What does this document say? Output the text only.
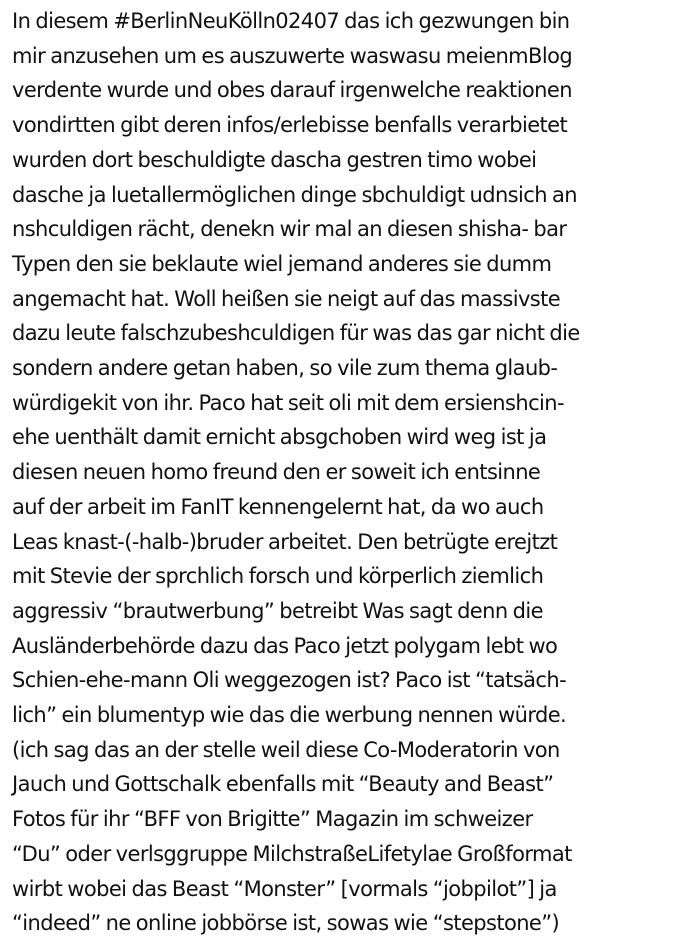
In diesem #BerlinNeuKölln02407 das ich gezwungen bin
mir anzusehen um es auszuwerte waswasu meienmBlog
verdente wurde und obes darauf irgenwelche reaktionen
vondirtten gibt deren infos/erlebisse benfalls verarbietet
wurden dort beschuldigte dascha gestren timo wobei
dasche ja luetallermöglichen dinge sbchuldigt udnsich an
nshculdigen rächt, denekn wir mal an diesen shisha- bar
Typen den sie beklaute wiel jemand anderes sie dumm
angemacht hat. Woll heißen sie neigt auf das massivste
dazu leute falschzubeshculdigen für was das gar nicht die
sondern andere getan haben, so vile zum thema glaub-
würdigekit von ihr. Paco hat seit oli mit dem ersienshcin-
ehe uenthält damit ernicht absgchoben wird weg ist ja
diesen neuen homo freund den er soweit ich entsinne
auf der arbeit im FanIT kennengelernt hat, da wo auch
Leas knast-(-halb-)bruder arbeitet. Den betrügte erejtzt
mit Stevie der sprchlich forsch und körperlich ziemlich
aggressiv “brautwerbung” betreibt Was sagt denn die
Ausländerbehörde dazu das Paco jetzt polygam lebt wo
Schien-ehe-mann Oli weggezogen ist? Paco ist “tatsäch-
lich” ein blumentyp wie das die werbung nennen würde.
(ich sag das an der stelle weil diese Co-Moderatorin von
Jauch und Gottschalk ebenfalls mit “Beauty and Beast”
Fotos für ihr “BFF von Brigitte” Magazin im schweizer
“Du” oder verlsggruppe MilchstraßeLifetylae Großformat
wirbt wobei das Beast “Monster” [vormals “jobpilot”] ja
“indeed” ne online jobbörse ist, sowas wie “stepstone”)
